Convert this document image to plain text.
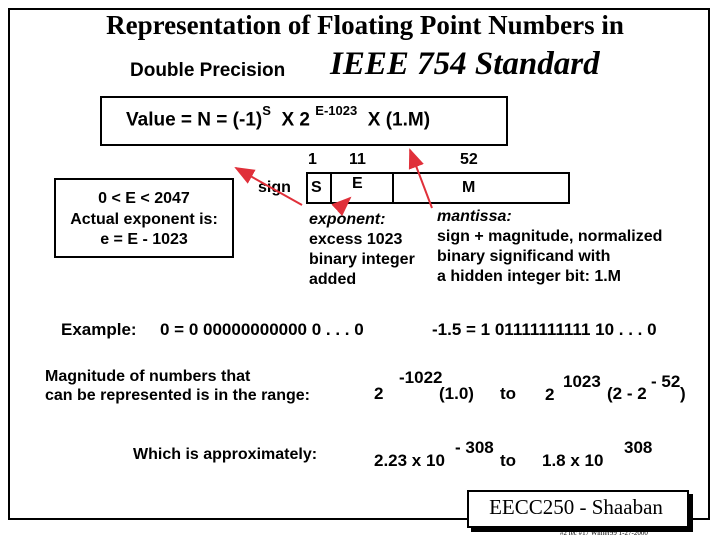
Representation of Floating Point Numbers in
Double Precision IEEE 754 Standard
Value = $N = (-1)^S$ X 2 $^{E-1023}$ X (1.M)
1 11	52
sign S E	M
0 < E < 2047
Actual exponent is:
e = E - 1023
exponent:
excess 1023
binary integer
added
mantissa:
sign + magnitude, normalized
binary significand with
a hidden integer bit: 1.M
Example: 0 = 0 00000000000 0 . . . 0	-1.5 = 1 01111111111 10 . . . 0
Magnitude of numbers that
can be represented is in the range:	2
-1022
(1.0) to 2
1023
(2 - 2
- 52
)
Which is approximately:	2.23 x 10
- 308
to 1.8 x 10
308
EECC250 - Shaaban
#2 lec #17 Winter99 1-27-2000
